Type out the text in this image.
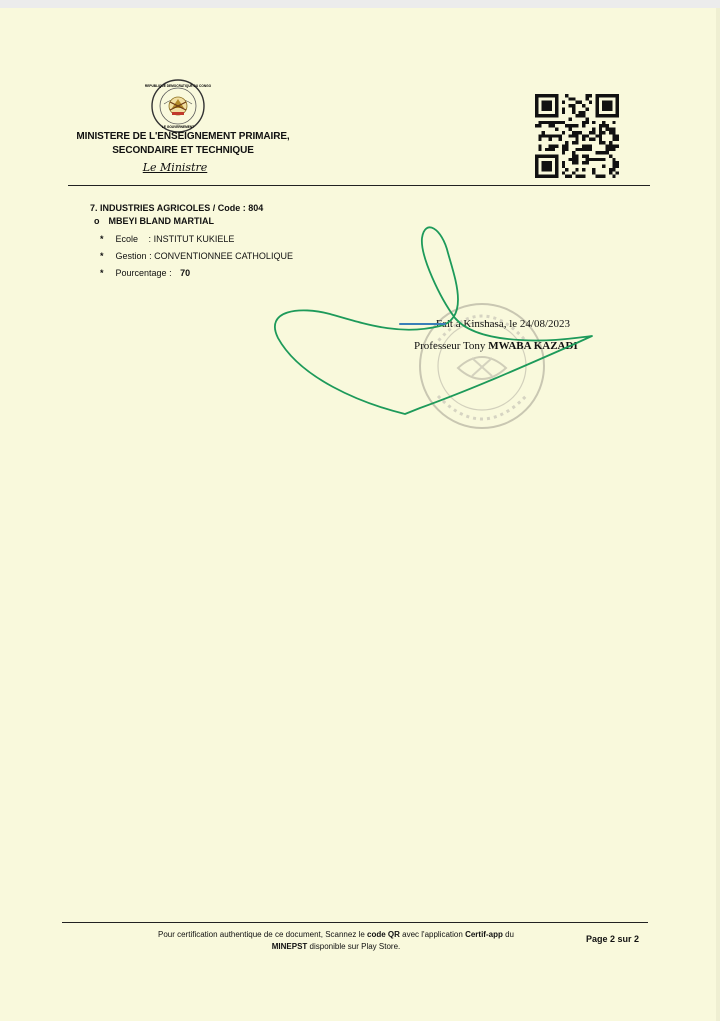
REPUBLIQUE DEMOCRATIQUE DU CONGO
LE GOUVERNEMENT
MINISTERE DE L'ENSEIGNEMENT PRIMAIRE,
SECONDAIRE ET TECHNIQUE
Le Ministre
7. INDUSTRIES AGRICOLES / Code : 804
o MBEYI BLAND MARTIAL
* Ecole : INSTITUT KUKIELE
* Gestion : CONVENTIONNEE CATHOLIQUE
* Pourcentage : 70
Fait à Kinshasa, le 24/08/2023
Professeur Tony MWABA KAZADI
Pour certification authentique de ce document, Scannez le code QR avec l'application Certif-app du
MINEPST disponible sur Play Store.
Page 2 sur 2
